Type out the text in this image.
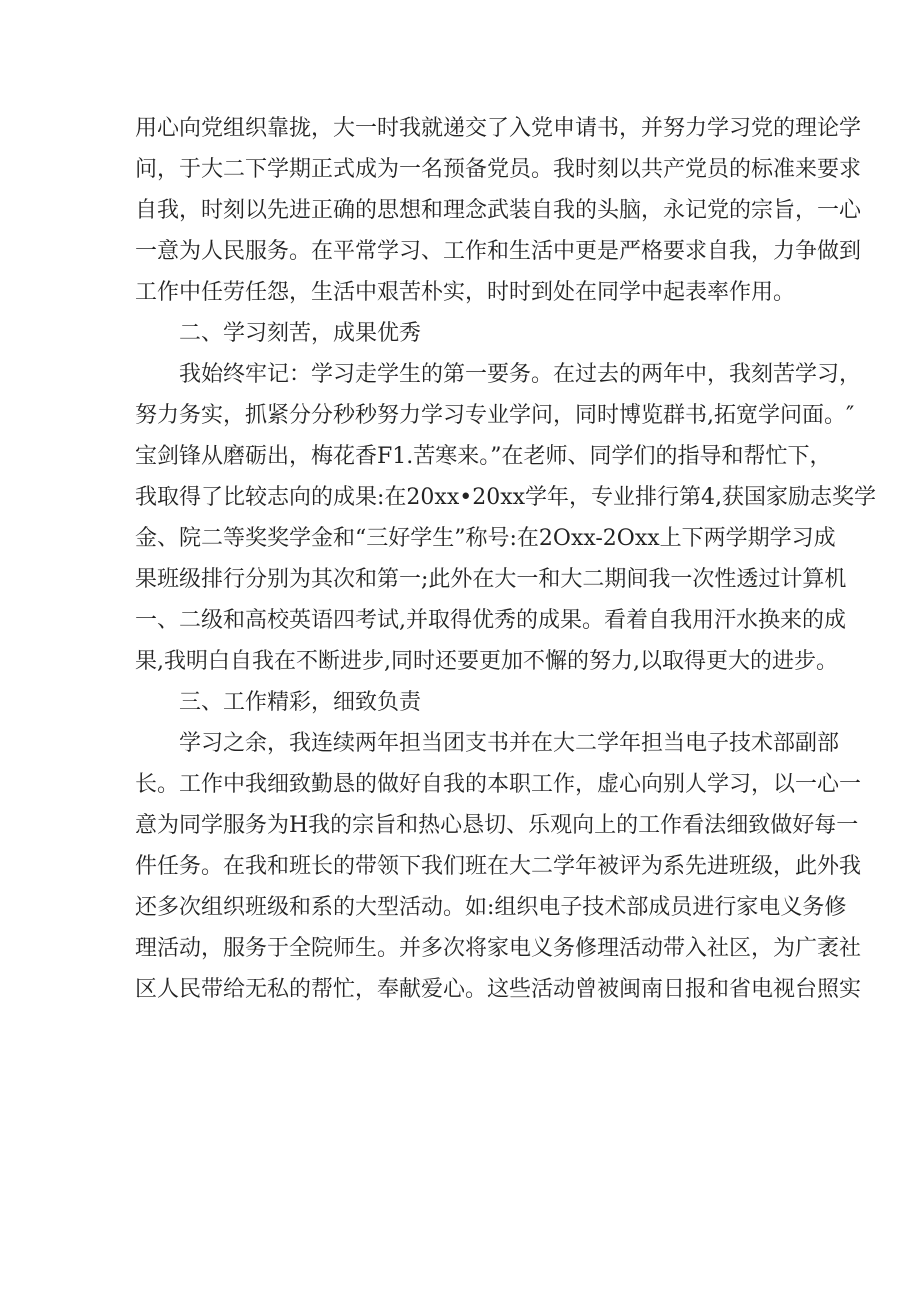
用心向党组织靠拢，大一时我就递交了入党申请书，并努力学习党的理论学
问，于大二下学期正式成为一名预备党员。我时刻以共产党员的标准来要求
自我，时刻以先进正确的思想和理念武装自我的头脑，永记党的宗旨，一心
一意为人民服务。在平常学习、工作和生活中更是严格要求自我，力争做到
工作中任劳任怨，生活中艰苦朴实，时时到处在同学中起表率作用。
二、学习刻苦，成果优秀
我始终牢记：学习走学生的第一要务。在过去的两年中，我刻苦学习，
努力务实，抓紧分分秒秒努力学习专业学问，同时博览群书,拓宽学问面。″
宝剑锋从磨砺出，梅花香F1.苦寒来。”在老师、同学们的指导和帮忙下，
我取得了比较志向的成果:在20xx•20xx学年，专业排行第4,获国家励志奖学
金、院二等奖奖学金和“三好学生”称号:在2Oxx-2Oxx上下两学期学习成
果班级排行分别为其次和第一;此外在大一和大二期间我一次性透过计算机
一、二级和高校英语四考试,并取得优秀的成果。看着自我用汗水换来的成
果,我明白自我在不断进步,同时还要更加不懈的努力,以取得更大的进步。
三、工作精彩，细致负责
学习之余，我连续两年担当团支书并在大二学年担当电子技术部副部
长。工作中我细致勤恳的做好自我的本职工作，虚心向别人学习，以一心一
意为同学服务为H我的宗旨和热心恳切、乐观向上的工作看法细致做好每一
件任务。在我和班长的带领下我们班在大二学年被评为系先进班级，此外我
还多次组织班级和系的大型活动。如:组织电子技术部成员进行家电义务修
理活动，服务于全院师生。并多次将家电义务修理活动带入社区，为广袤社
区人民带给无私的帮忙，奉献爱心。这些活动曾被闽南日报和省电视台照实
